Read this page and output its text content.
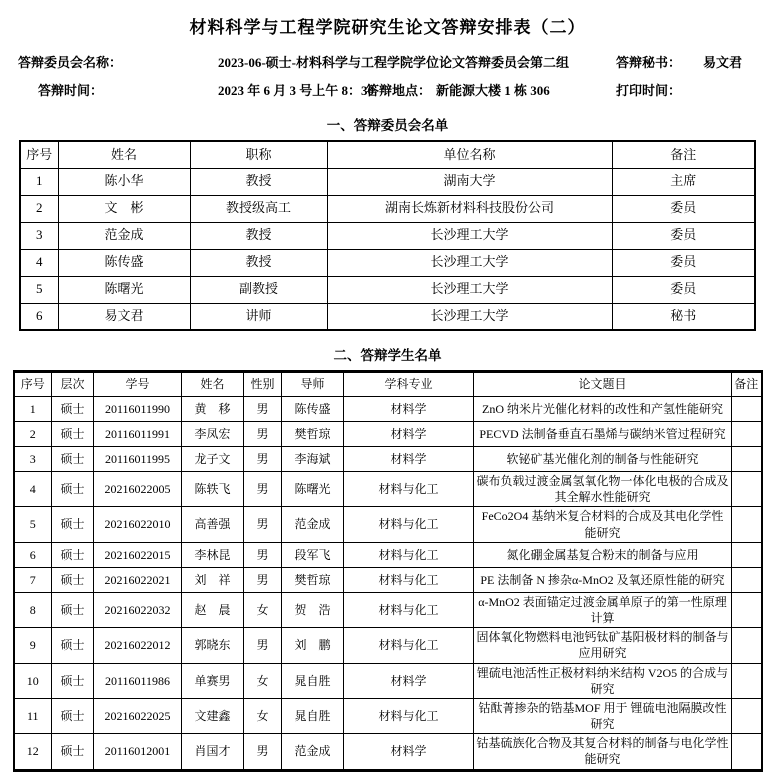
材料科学与工程学院研究生论文答辩安排表（二）
答辩委员会名称：	2023-06-硕士-材料科学与工程学院学位论文答辩委员会第二组	答辩秘书： 易文君
答辩时间：	2023 年 6 月 3 号上午 8：30
答辩地点： 新能源大楼 1 栋 306	打印时间：
一、答辩委员会名单
序号	姓名	职称	单位名称	备注
1	陈小华	教授	湖南大学	主席
2	文　彬	教授级高工	湖南长炼新材料科技股份公司	委员
3	范金成	教授	长沙理工大学	委员
4	陈传盛	教授	长沙理工大学	委员
5	陈曙光	副教授	长沙理工大学	委员
6	易文君	讲师	长沙理工大学	秘书
二、答辩学生名单
序号	层次	学号	姓名	性别	导师	学科专业	论文题目	备注
1	硕士	20116011990	黄　移	男	陈传盛	材料学	ZnO 纳米片光催化材料的改性和产氢性能研究	
2	硕士	20116011991	李凤宏	男	樊哲琼	材料学	PECVD 法制备垂直石墨烯与碳纳米管过程研究	
3	硕士	20116011995	龙子文	男	李海斌	材料学	软铋矿基光催化剂的制备与性能研究	
4	硕士	20216022005	陈轶飞	男	陈曙光	材料与化工	碳布负载过渡金属氢氧化物一体化电极的合成及其全解水性能研究	
5	硕士	20216022010	高善强	男	范金成	材料与化工	FeCo2O4 基纳米复合材料的合成及其电化学性能研究	
6	硕士	20216022015	李林昆	男	段军飞	材料与化工	氮化硼金属基复合粉末的制备与应用	
7	硕士	20216022021	刘　祥	男	樊哲琼	材料与化工	PE 法制备 N 掺杂α-MnO2 及氧还原性能的研究	
8	硕士	20216022032	赵　晨	女	贺　浩	材料与化工	α-MnO2 表面锚定过渡金属单原子的第一性原理计算	
9	硕士	20216022012	郭晓东	男	刘　鹏	材料与化工	固体氧化物燃料电池钙钛矿基阳极材料的制备与应用研究	
10	硕士	20116011986	单赛男	女	晁自胜	材料学	锂硫电池活性正极材料纳米结构 V2O5 的合成与研究	
11	硕士	20216022025	文建鑫	女	晁自胜	材料与化工	钴酞菁掺杂的锆基MOF 用于 锂硫电池隔膜改性研究	
12	硕士	20116012001	肖国才	男	范金成	材料学	钴基硫族化合物及其复合材料的制备与电化学性能研究	
